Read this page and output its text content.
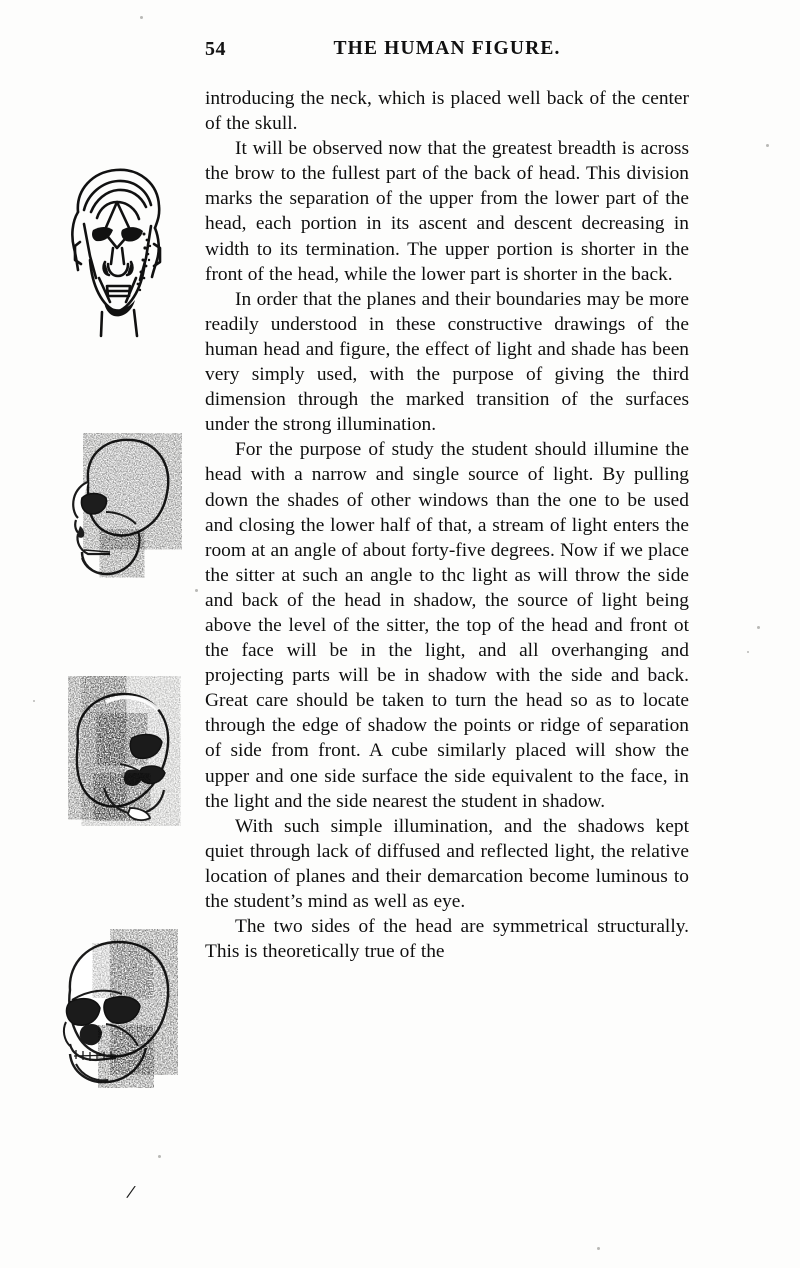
54	THE HUMAN FIGURE.

introducing the neck, which is placed well back of the center of the skull.

It will be observed now that the greatest breadth is across the brow to the fullest part of the back of head. This division marks the separation of the upper from the lower part of the head, each portion in its ascent and descent decreasing in width to its termination. The upper portion is shorter in the front of the head, while the lower part is shorter in the back.

In order that the planes and their boundaries may be more readily understood in these constructive drawings of the human head and figure, the effect of light and shade has been very simply used, with the purpose of giving the third dimension through the marked transition of the surfaces under the strong illumination.

For the purpose of study the student should illumine the head with a narrow and single source of light. By pulling down the shades of other windows than the one to be used and closing the lower half of that, a stream of light enters the room at an angle of about forty-five degrees. Now if we place the sitter at such an angle to thc light as will throw the side and back of the head in shadow, the source of light being above the level of the sitter, the top of the head and front ot the face will be in the light, and all overhanging and projecting parts will be in shadow with the side and back. Great care should be taken to turn the head so as to locate through the edge of shadow the points or ridge of separation of side from front. A cube similarly placed will show the upper and one side surface the side equivalent to the face, in the light and the side nearest the student in shadow.

With such simple illumination, and the shadows kept quiet through lack of diffused and reflected light, the relative location of planes and their demarcation become luminous to the student’s mind as well as eye.

The two sides of the head are symmetrical structurally. This is theoretically true of the

/
